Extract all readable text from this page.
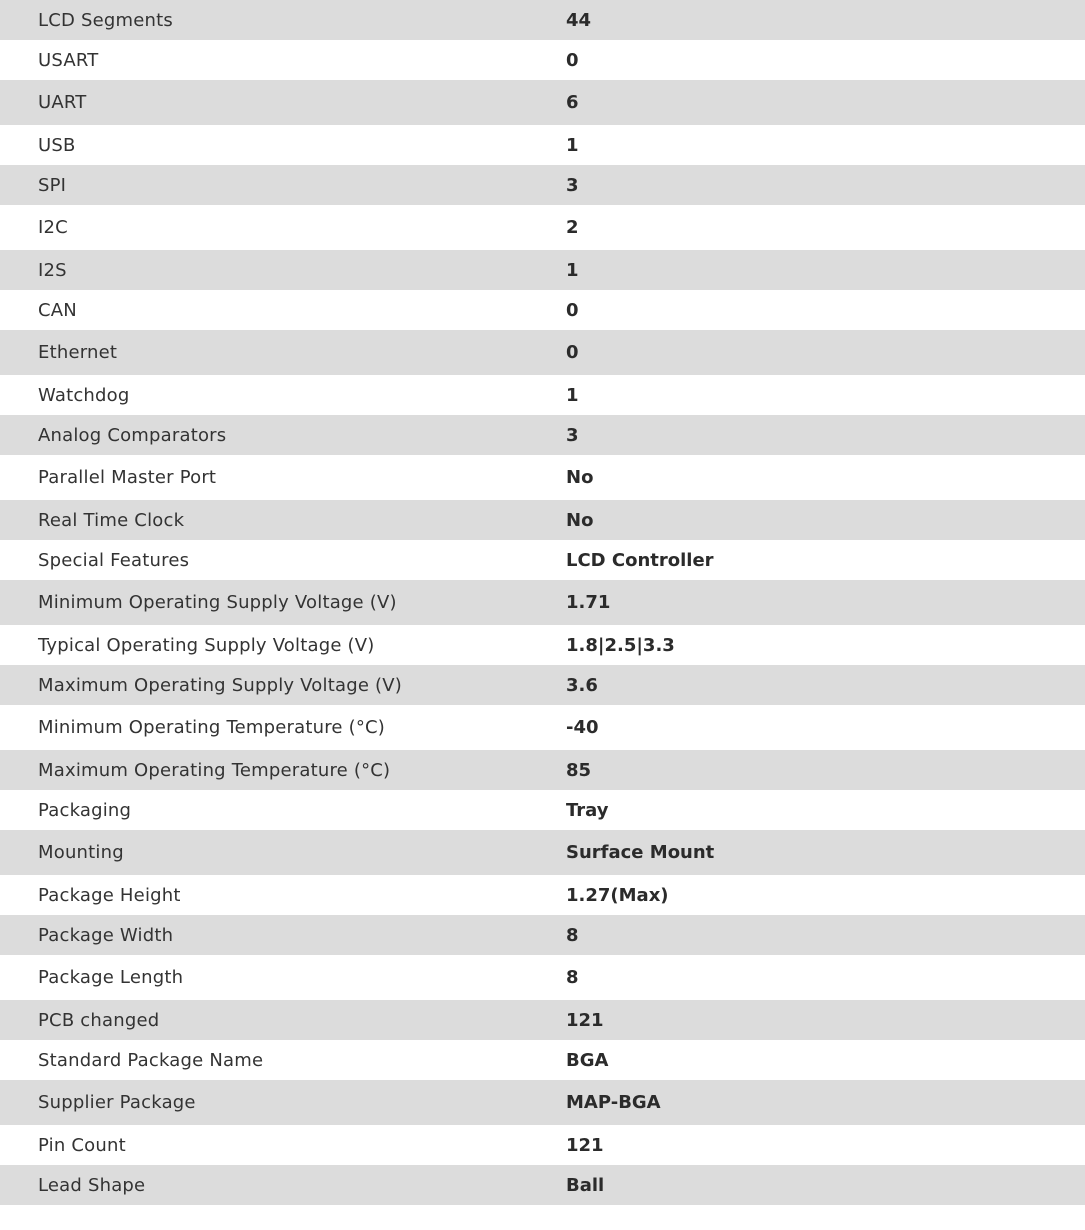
LCD Segments	44
USART	0
UART	6
USB	1
SPI	3
I2C	2
I2S	1
CAN	0
Ethernet	0
Watchdog	1
Analog Comparators	3
Parallel Master Port	No
Real Time Clock	No
Special Features	LCD Controller
Minimum Operating Supply Voltage (V)	1.71
Typical Operating Supply Voltage (V)	1.8|2.5|3.3
Maximum Operating Supply Voltage (V)	3.6
Minimum Operating Temperature (°C)	-40
Maximum Operating Temperature (°C)	85
Packaging	Tray
Mounting	Surface Mount
Package Height	1.27(Max)
Package Width	8
Package Length	8
PCB changed	121
Standard Package Name	BGA
Supplier Package	MAP-BGA
Pin Count	121
Lead Shape	Ball
